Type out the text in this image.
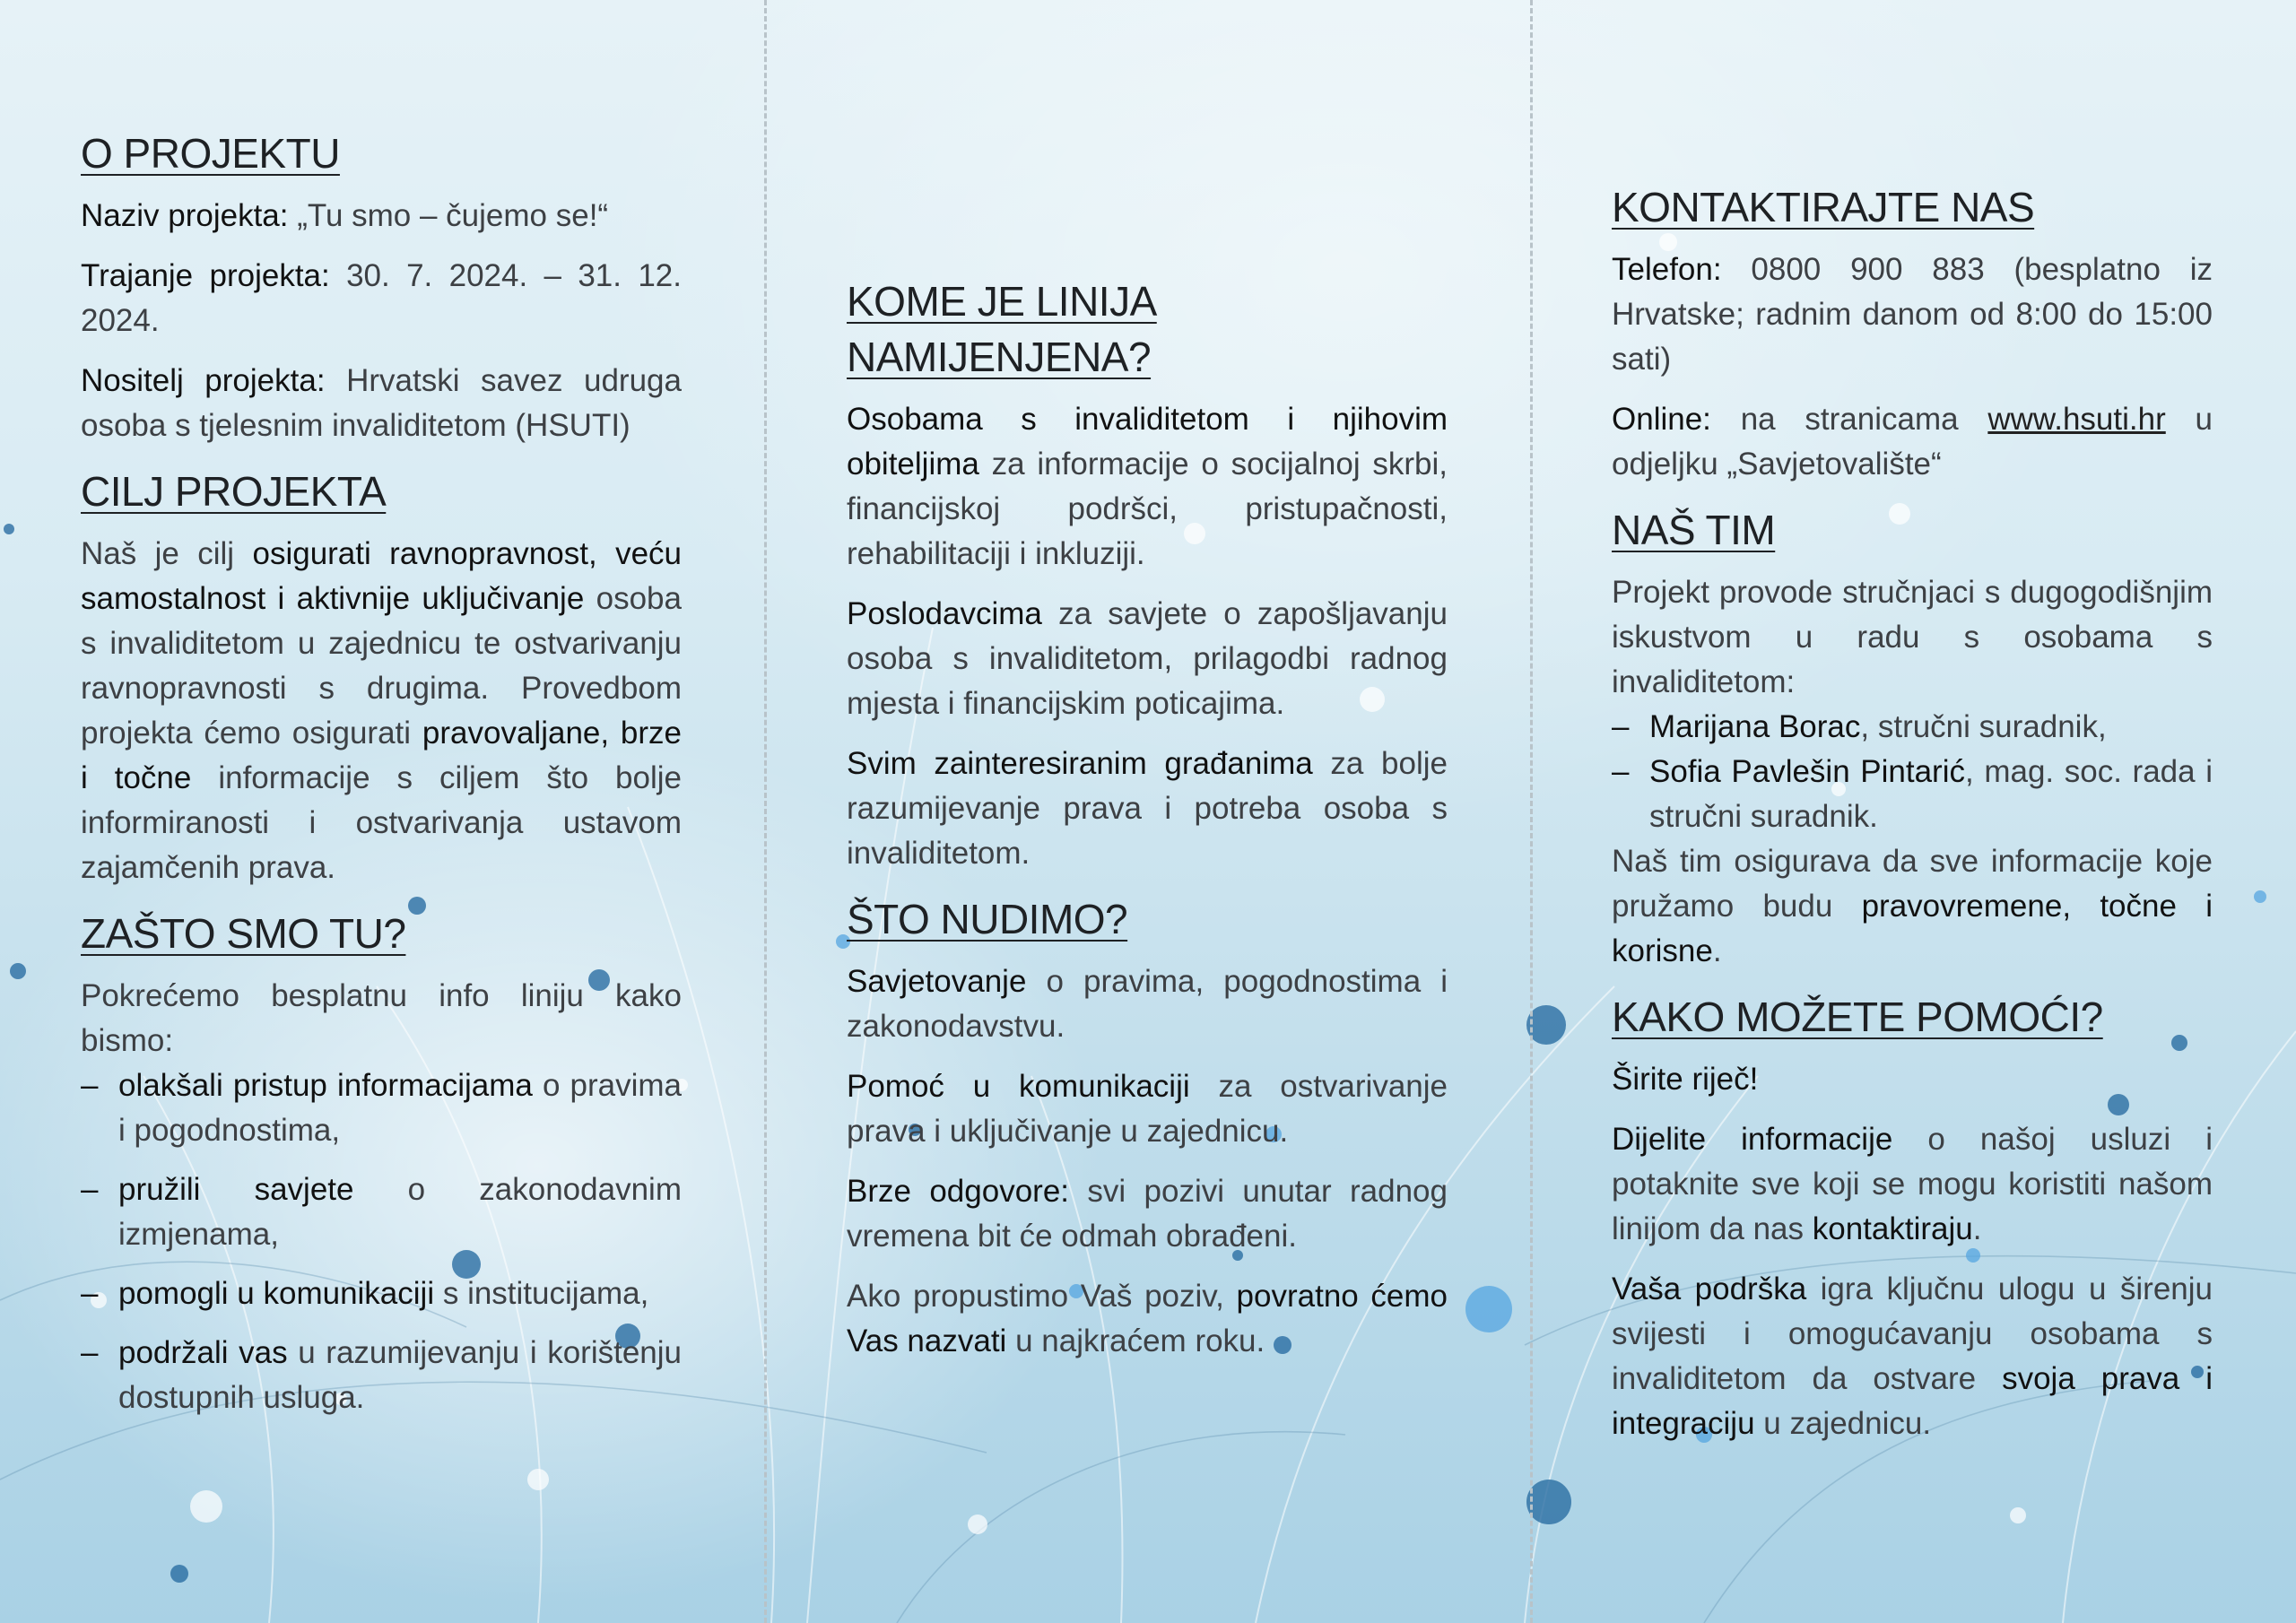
O PROJEKTU

Naziv projekta: „Tu smo – čujemo se!“

Trajanje projekta: 30. 7. 2024. – 31. 12. 2024.

Nositelj projekta: Hrvatski savez udruga osoba s tjelesnim invaliditetom (HSUTI)

CILJ PROJEKTA

Naš je cilj osigurati ravnopravnost, veću samostalnost i aktivnije uključivanje osoba s invaliditetom u zajednicu te ostvarivanju ravnopravnosti s drugima. Provedbom projekta ćemo osigurati pravovaljane, brze i točne informacije s ciljem što bolje informiranosti i ostvarivanja ustavom zajamčenih prava.

ZAŠTO SMO TU?

Pokrećemo besplatnu info liniju kako bismo:

– olakšali pristup informacijama o pravima i pogodnostima,
– pružili savjete o zakonodavnim izmjenama,
– pomogli u komunikaciji s institucijama,
– podržali vas u razumijevanju i korištenju dostupnih usluga.
KOME JE LINIJA NAMIJENJENA?

Osobama s invaliditetom i njihovim obiteljima za informacije o socijalnoj skrbi, financijskoj podršci, pristupačnosti, rehabilitaciji i inkluziji.

Poslodavcima za savjete o zapošljavanju osoba s invaliditetom, prilagodbi radnog mjesta i financijskim poticajima.

Svim zainteresiranim građanima za bolje razumijevanje prava i potreba osoba s invaliditetom.

ŠTO NUDIMO?

Savjetovanje o pravima, pogodnostima i zakonodavstvu.

Pomoć u komunikaciji za ostvarivanje prava i uključivanje u zajednicu.

Brze odgovore: svi pozivi unutar radnog vremena bit će odmah obrađeni.

Ako propustimo Vaš poziv, povratno ćemo Vas nazvati u najkraćem roku.

KONTAKTIRAJTE NAS

Telefon: 0800 900 883 (besplatno iz Hrvatske; radnim danom od 8:00 do 15:00 sati)

Online: na stranicama www.hsuti.hr u odjeljku „Savjetovalište“

NAŠ TIM

Projekt provode stručnjaci s dugogodišnjim iskustvom u radu s osobama s invaliditetom:

– Marijana Borac, stručni suradnik,
– Sofia Pavlešin Pintarić, mag. soc. rada i stručni suradnik.

Naš tim osigurava da sve informacije koje pružamo budu pravovremene, točne i korisne.

KAKO MOŽETE POMOĆI?

Širite riječ!

Dijelite informacije o našoj usluzi i potaknite sve koji se mogu koristiti našom linijom da nas kontaktiraju.

Vaša podrška igra ključnu ulogu u širenju svijesti i omogućavanju osobama s invaliditetom da ostvare svoja prava i integraciju u zajednicu.
